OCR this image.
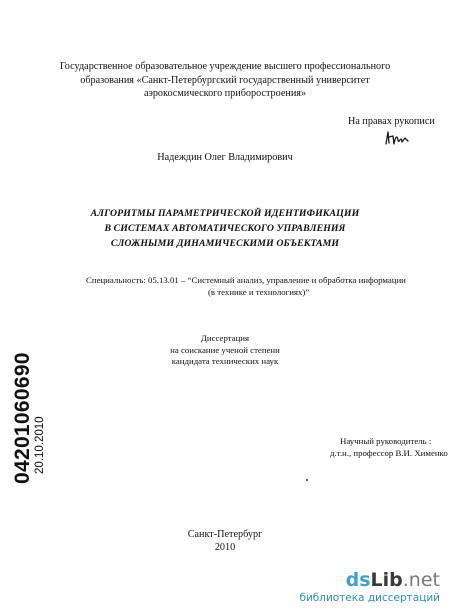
Государственное образовательное учреждение высшего профессионального
образования «Санкт-Петербургский государственный университет
аэрокосмического приборостроения»
На правах рукописи
Надеждин Олег Владимирович
АЛГОРИТМЫ ПАРАМЕТРИЧЕСКОЙ ИДЕНТИФИКАЦИИ
В СИСТЕМАХ АВТОМАТИЧЕСКОГО УПРАВЛЕНИЯ
СЛОЖНЫМИ ДИНАМИЧЕСКИМИ ОБЪЕКТАМИ
Специальность: 05.13.01 – “Системный анализ, управление и обработка информации
(в технике и технологиях)”
Диссертация
на соискание ученой степени
кандидата технических наук
Научный руководитель :
д.т.н., профессор В.И. Хименко
Санкт-Петербург
2010
04201060690 20.10.2010
dsLib.net
библиотека диссертаций
